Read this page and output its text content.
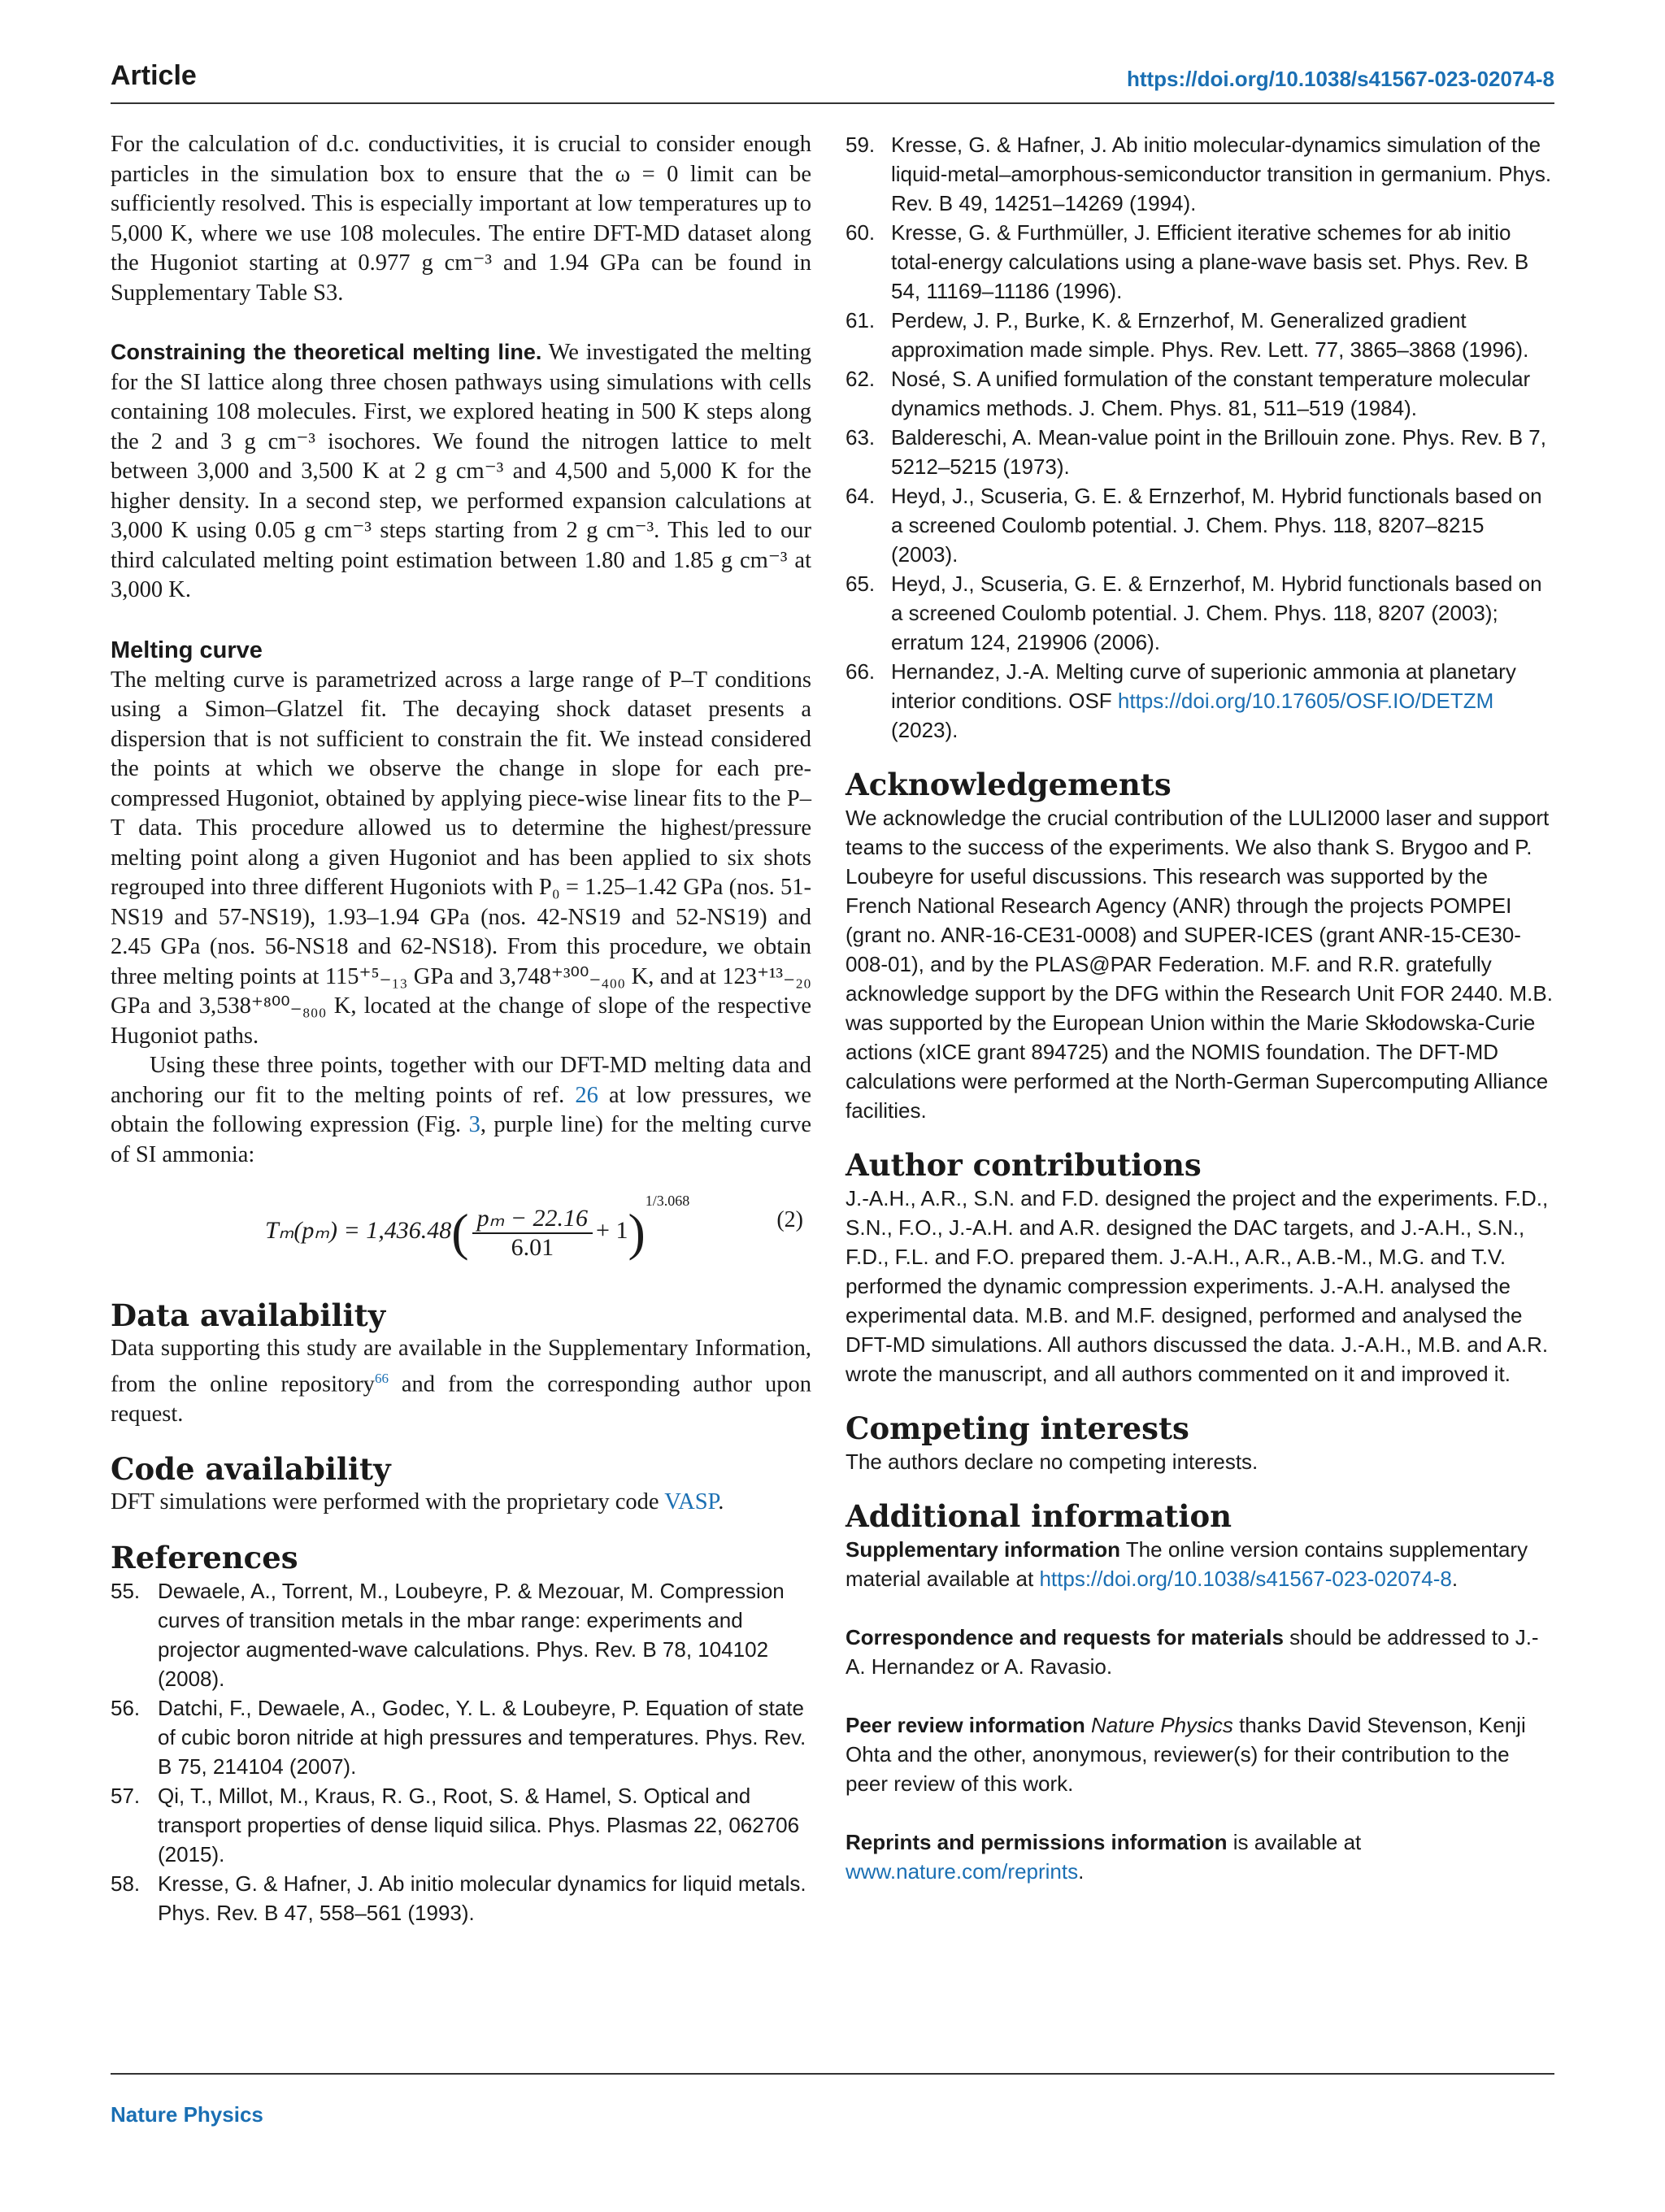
Article	https://doi.org/10.1038/s41567-023-02074-8

For the calculation of d.c. conductivities, it is crucial to consider enough particles in the simulation box to ensure that the ω = 0 limit can be sufficiently resolved. This is especially important at low temperatures up to 5,000 K, where we use 108 molecules. The entire DFT-MD dataset along the Hugoniot starting at 0.977 g cm⁻³ and 1.94 GPa can be found in Supplementary Table S3.

Constraining the theoretical melting line. We investigated the melting for the SI lattice along three chosen pathways using simulations with cells containing 108 molecules. First, we explored heating in 500 K steps along the 2 and 3 g cm⁻³ isochores. We found the nitrogen lattice to melt between 3,000 and 3,500 K at 2 g cm⁻³ and 4,500 and 5,000 K for the higher density. In a second step, we performed expansion calculations at 3,000 K using 0.05 g cm⁻³ steps starting from 2 g cm⁻³. This led to our third calculated melting point estimation between 1.80 and 1.85 g cm⁻³ at 3,000 K.

Melting curve

The melting curve is parametrized across a large range of P–T conditions using a Simon–Glatzel fit. The decaying shock dataset presents a dispersion that is not sufficient to constrain the fit. We instead considered the points at which we observe the change in slope for each pre-compressed Hugoniot, obtained by applying piece-wise linear fits to the P–T data. This procedure allowed us to determine the highest/pressure melting point along a given Hugoniot and has been applied to six shots regrouped into three different Hugoniots with P₀ = 1.25–1.42 GPa (nos. 51-NS19 and 57-NS19), 1.93–1.94 GPa (nos. 42-NS19 and 52-NS19) and 2.45 GPa (nos. 56-NS18 and 62-NS18). From this procedure, we obtain three melting points at 115⁺⁵₋₁₃ GPa and 3,748⁺³⁰⁰₋₄₀₀ K, and at 123⁺¹³₋₂₀ GPa and 3,538⁺⁸⁰⁰₋₈₀₀ K, located at the change of slope of the respective Hugoniot paths.

Using these three points, together with our DFT-MD melting data and anchoring our fit to the melting points of ref. 26 at low pressures, we obtain the following expression (Fig. 3, purple line) for the melting curve of SI ammonia:

$T_m(p_m) = 1,436.48( \frac{\text{pₘ − 22.16}}{6.01} + 1)^{1/3.068}$
(2)
Data availability

Data supporting this study are available in the Supplementary Information, from the online repository$^{66}$ and from the corresponding author upon request.

Code availability

DFT simulations were performed with the proprietary code VASP.

References
55. Dewaele, A., Torrent, M., Loubeyre, P. & Mezouar, M. Compression curves of transition metals in the mbar range: experiments and projector augmented-wave calculations. Phys. Rev. B 78, 104102 (2008).
56. Datchi, F., Dewaele, A., Godec, Y. L. & Loubeyre, P. Equation of state of cubic boron nitride at high pressures and temperatures. Phys. Rev. B 75, 214104 (2007).
57. Qi, T., Millot, M., Kraus, R. G., Root, S. & Hamel, S. Optical and transport properties of dense liquid silica. Phys. Plasmas 22, 062706 (2015).
58. Kresse, G. & Hafner, J. Ab initio molecular dynamics for liquid metals. Phys. Rev. B 47, 558–561 (1993).
59. Kresse, G. & Hafner, J. Ab initio molecular-dynamics simulation of the liquid-metal–amorphous-semiconductor transition in germanium. Phys. Rev. B 49, 14251–14269 (1994).
60. Kresse, G. & Furthmüller, J. Efficient iterative schemes for ab initio total-energy calculations using a plane-wave basis set. Phys. Rev. B 54, 11169–11186 (1996).
61. Perdew, J. P., Burke, K. & Ernzerhof, M. Generalized gradient approximation made simple. Phys. Rev. Lett. 77, 3865–3868 (1996).
62. Nosé, S. A unified formulation of the constant temperature molecular dynamics methods. J. Chem. Phys. 81, 511–519 (1984).
63. Baldereschi, A. Mean-value point in the Brillouin zone. Phys. Rev. B 7, 5212–5215 (1973).
64. Heyd, J., Scuseria, G. E. & Ernzerhof, M. Hybrid functionals based on a screened Coulomb potential. J. Chem. Phys. 118, 8207–8215 (2003).
65. Heyd, J., Scuseria, G. E. & Ernzerhof, M. Hybrid functionals based on a screened Coulomb potential. J. Chem. Phys. 118, 8207 (2003); erratum 124, 219906 (2006).
66. Hernandez, J.-A. Melting curve of superionic ammonia at planetary interior conditions. OSF https://doi.org/10.17605/OSF.IO/DETZM (2023).
Acknowledgements

We acknowledge the crucial contribution of the LULI2000 laser and support teams to the success of the experiments. We also thank S. Brygoo and P. Loubeyre for useful discussions. This research was supported by the French National Research Agency (ANR) through the projects POMPEI (grant no. ANR-16-CE31-0008) and SUPER-ICES (grant ANR-15-CE30-008-01), and by the PLAS@PAR Federation. M.F. and R.R. gratefully acknowledge support by the DFG within the Research Unit FOR 2440. M.B. was supported by the European Union within the Marie Skłodowska-Curie actions (xICE grant 894725) and the NOMIS foundation. The DFT-MD calculations were performed at the North-German Supercomputing Alliance facilities.

Author contributions

J.-A.H., A.R., S.N. and F.D. designed the project and the experiments. F.D., S.N., F.O., J.-A.H. and A.R. designed the DAC targets, and J.-A.H., S.N., F.D., F.L. and F.O. prepared them. J.-A.H., A.R., A.B.-M., M.G. and T.V. performed the dynamic compression experiments. J.-A.H. analysed the experimental data. M.B. and M.F. designed, performed and analysed the DFT-MD simulations. All authors discussed the data. J.-A.H., M.B. and A.R. wrote the manuscript, and all authors commented on it and improved it.

Competing interests

The authors declare no competing interests.

Additional information

Supplementary information The online version contains supplementary material available at https://doi.org/10.1038/s41567-023-02074-8.

Correspondence and requests for materials should be addressed to J.-A. Hernandez or A. Ravasio.

Peer review information Nature Physics thanks David Stevenson, Kenji Ohta and the other, anonymous, reviewer(s) for their contribution to the peer review of this work.

Reprints and permissions information is available at www.nature.com/reprints.

Nature Physics
